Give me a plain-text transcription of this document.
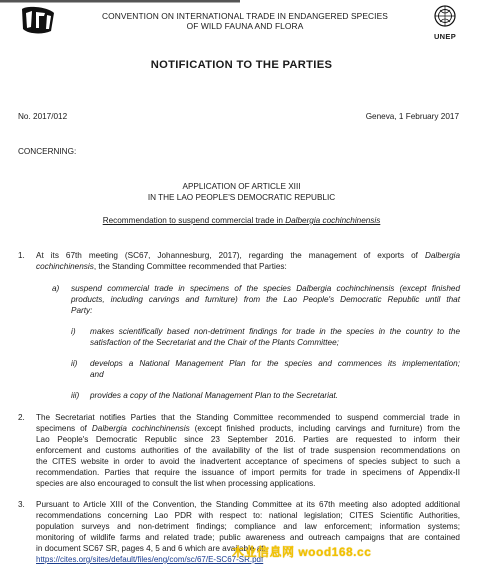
CONVENTION ON INTERNATIONAL TRADE IN ENDANGERED SPECIES
OF WILD FAUNA AND FLORA
UNEP
NOTIFICATION TO THE PARTIES
No. 2017/012	Geneva, 1 February 2017
CONCERNING:
APPLICATION OF ARTICLE XIII
IN THE LAO PEOPLE'S DEMOCRATIC REPUBLIC
Recommendation to suspend commercial trade in Dalbergia cochinchinensis
1. At its 67th meeting (SC67, Johannesburg, 2017), regarding the management of exports of Dalbergia
cochinchinensis, the Standing Committee recommended that Parties:
a) suspend commercial trade in specimens of the species Dalbergia cochinchinensis (except finished
products, including carvings and furniture) from the Lao People's Democratic Republic until that
Party:
i) makes scientifically based non-detriment findings for trade in the species in the country to the
satisfaction of the Secretariat and the Chair of the Plants Committee;
ii) develops a National Management Plan for the species and commences its implementation;
and
iii) provides a copy of the National Management Plan to the Secretariat.
2. The Secretariat notifies Parties that the Standing Committee recommended to suspend commercial trade in
specimens of Dalbergia cochinchinensis (except finished products, including carvings and furniture) from the
Lao People's Democratic Republic since 23 September 2016. Parties are requested to inform their
enforcement and customs authorities of the availability of the list of trade suspension recommendations on
the CITES website in order to avoid the inadvertent acceptance of specimens of species subject to such a
recommendation. Parties that require the issuance of import permits for trade in specimens of Appendix-II
species are also encouraged to consult the list when processing applications.
3. Pursuant to Article XIII of the Convention, the Standing Committee at its 67th meeting also adopted additional
recommendations concerning Lao PDR with respect to: national legislation; CITES Scientific Authorities,
population surveys and non-detriment findings; compliance and law enforcement; information systems;
monitoring of wildlife farms and related trade; public awareness and outreach campaigns that are contained
in document SC67 SR, pages 4, 5 and 6 which are available at:
https://cites.org/sites/default/files/eng/com/sc/67/E-SC67-SR.pdf
木业信息网 wood168.cc
